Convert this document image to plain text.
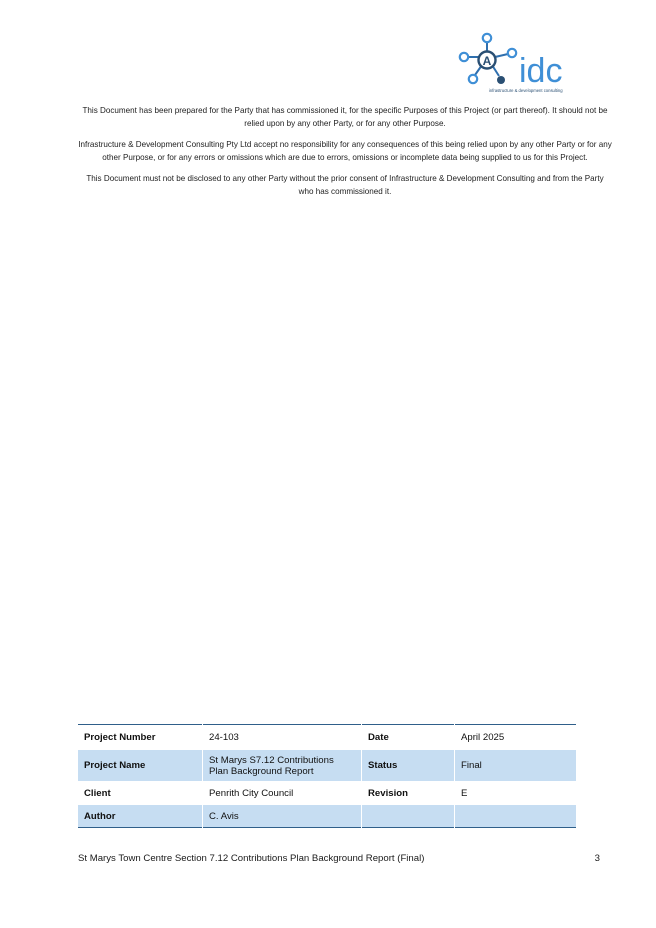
A idc
infrastructure & development consulting

This Document has been prepared for the Party that has commissioned it, for the specific Purposes of this Project (or part thereof). It should not be relied upon by any other Party, or for any other Purpose.

Infrastructure & Development Consulting Pty Ltd accept no responsibility for any consequences of this being relied upon by any other Party or for any other Purpose, or for any errors or omissions which are due to errors, omissions or incomplete data being supplied to us for this Project.

This Document must not be disclosed to any other Party without the prior consent of Infrastructure & Development Consulting and from the Party who has commissioned it.

Project Number	24-103	Date	April 2025
Project Name	St Marys S7.12 Contributions Plan Background Report	Status	Final
Client	Penrith City Council	Revision	E
Author	C. Avis		
St Marys Town Centre Section 7.12 Contributions Plan Background Report (Final)	3
